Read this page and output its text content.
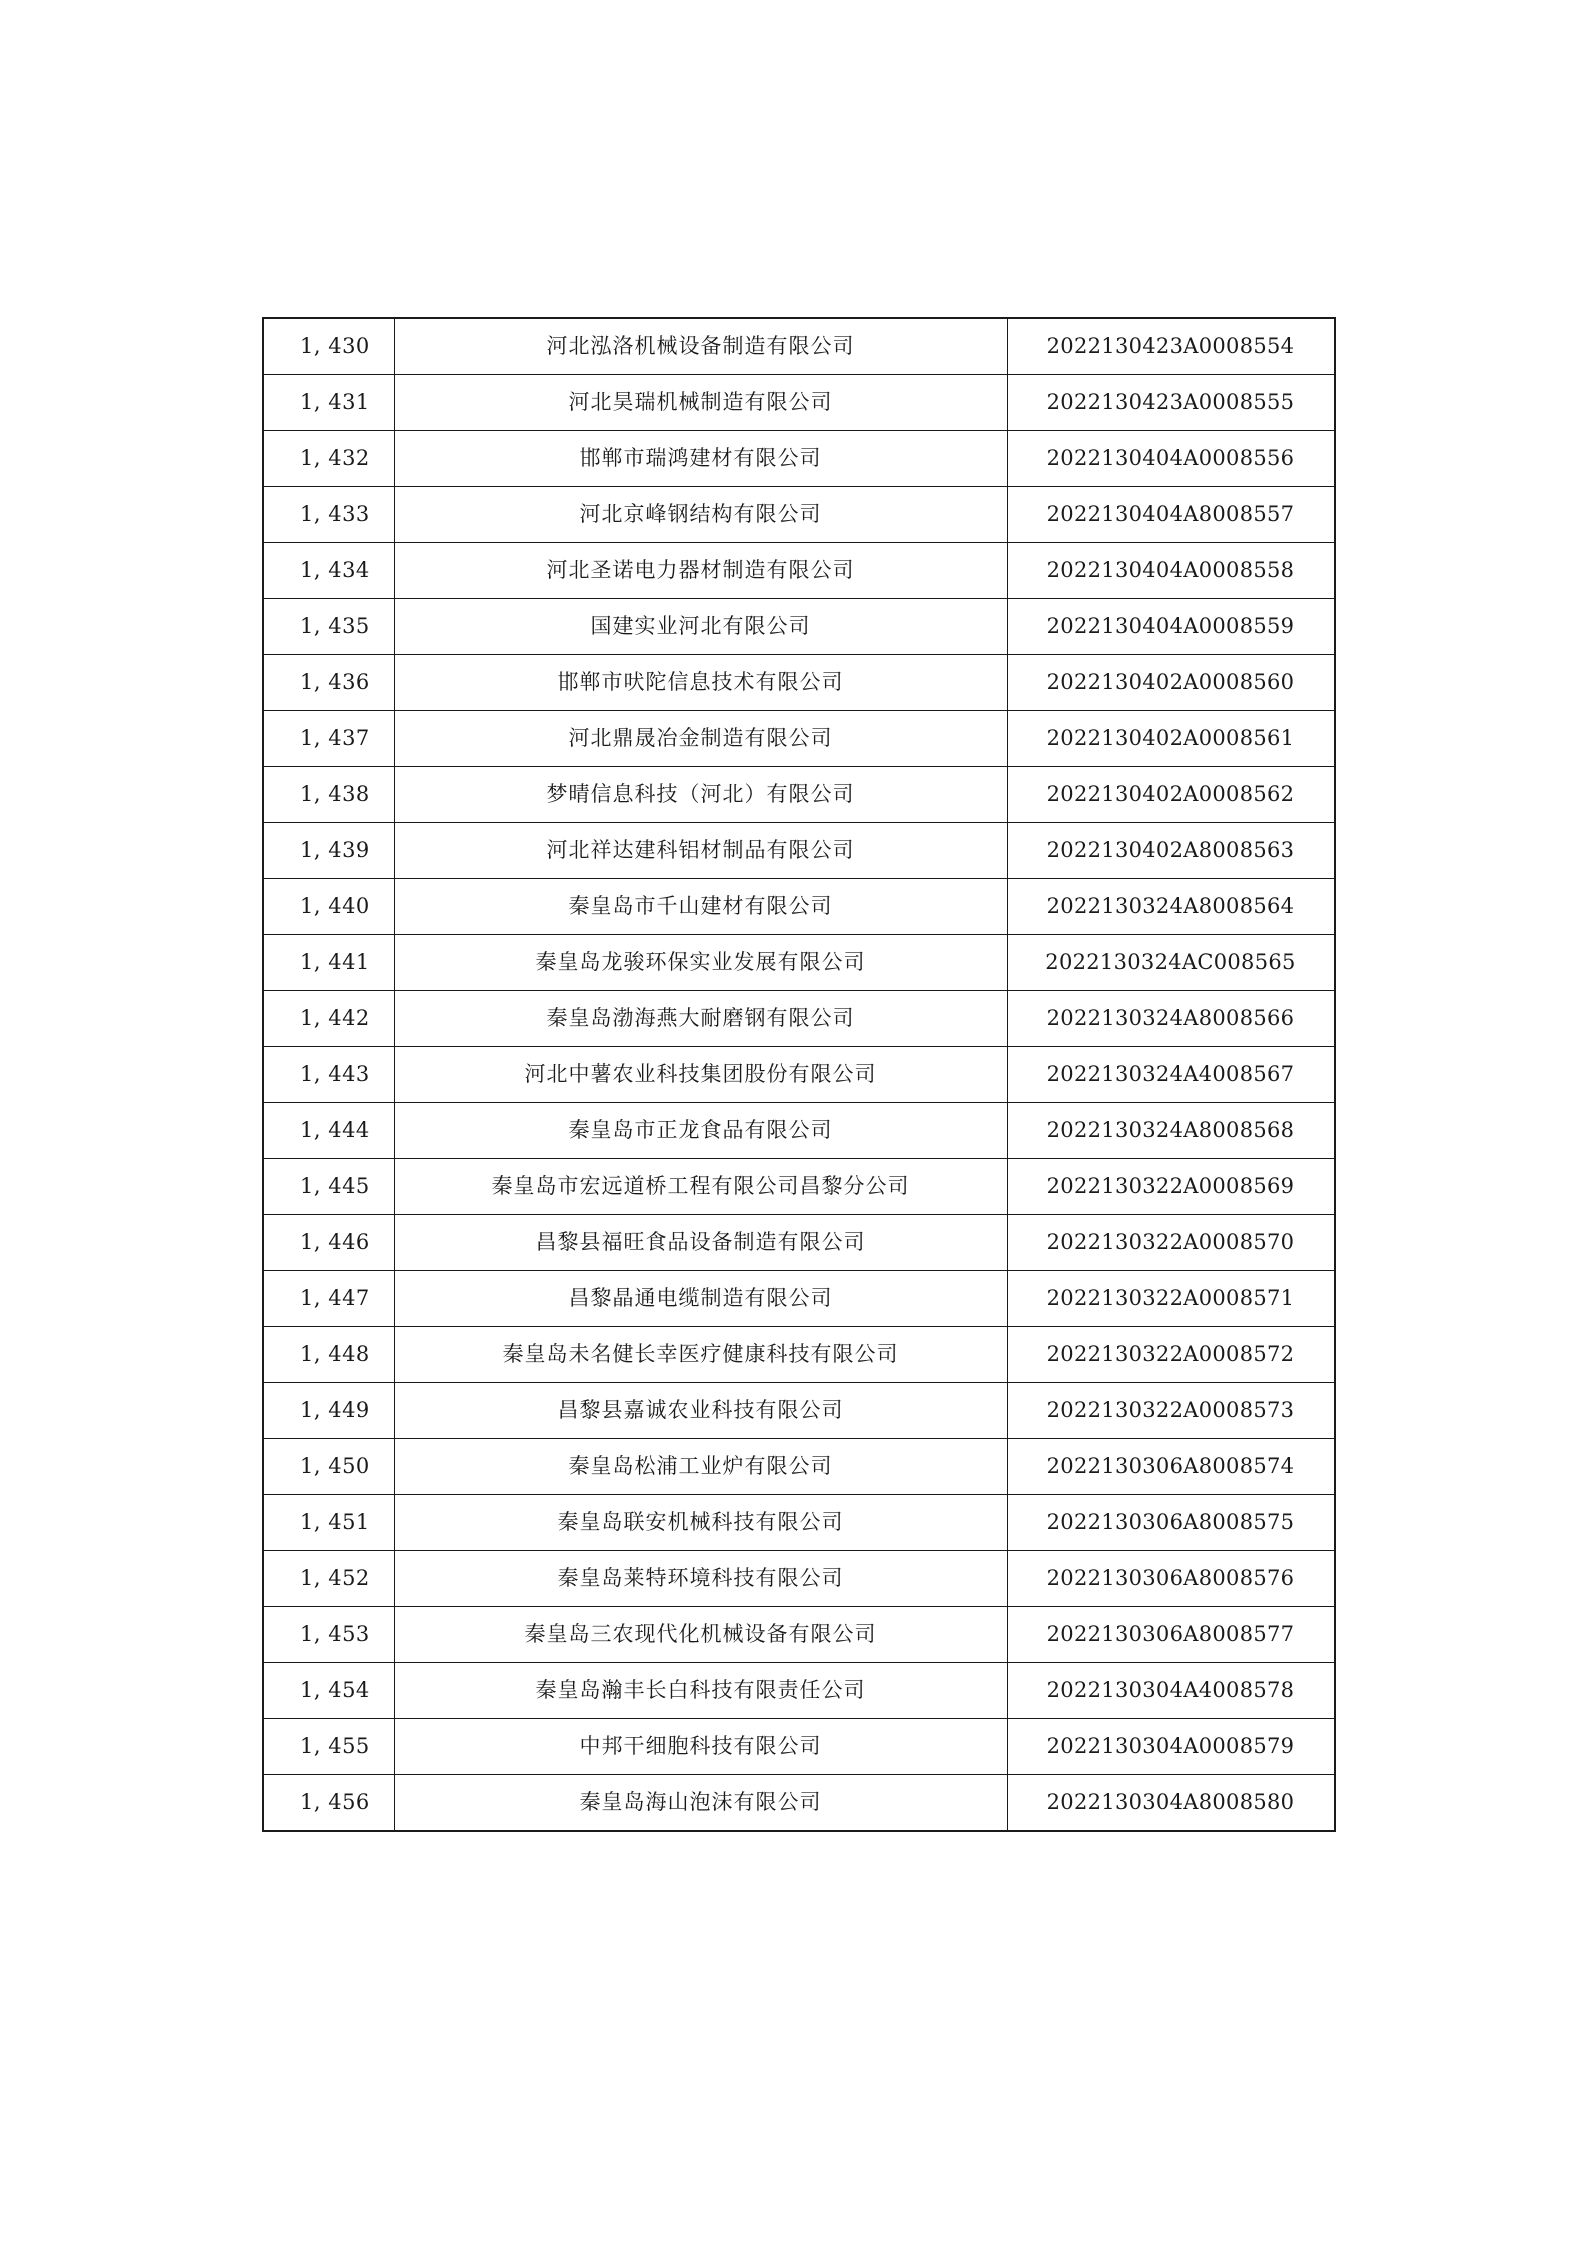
1, 430	河北泓洛机械设备制造有限公司	2022130423A0008554
1, 431	河北昊瑞机械制造有限公司	2022130423A0008555
1, 432	邯郸市瑞鸿建材有限公司	2022130404A0008556
1, 433	河北京峰钢结构有限公司	2022130404A8008557
1, 434	河北圣诺电力器材制造有限公司	2022130404A0008558
1, 435	国建实业河北有限公司	2022130404A0008559
1, 436	邯郸市吠陀信息技术有限公司	2022130402A0008560
1, 437	河北鼎晟冶金制造有限公司	2022130402A0008561
1, 438	梦晴信息科技（河北）有限公司	2022130402A0008562
1, 439	河北祥达建科铝材制品有限公司	2022130402A8008563
1, 440	秦皇岛市千山建材有限公司	2022130324A8008564
1, 441	秦皇岛龙骏环保实业发展有限公司	2022130324AC008565
1, 442	秦皇岛渤海燕大耐磨钢有限公司	2022130324A8008566
1, 443	河北中薯农业科技集团股份有限公司	2022130324A4008567
1, 444	秦皇岛市正龙食品有限公司	2022130324A8008568
1, 445	秦皇岛市宏远道桥工程有限公司昌黎分公司	2022130322A0008569
1, 446	昌黎县福旺食品设备制造有限公司	2022130322A0008570
1, 447	昌黎晶通电缆制造有限公司	2022130322A0008571
1, 448	秦皇岛未名健长幸医疗健康科技有限公司	2022130322A0008572
1, 449	昌黎县嘉诚农业科技有限公司	2022130322A0008573
1, 450	秦皇岛松浦工业炉有限公司	2022130306A8008574
1, 451	秦皇岛联安机械科技有限公司	2022130306A8008575
1, 452	秦皇岛莱特环境科技有限公司	2022130306A8008576
1, 453	秦皇岛三农现代化机械设备有限公司	2022130306A8008577
1, 454	秦皇岛瀚丰长白科技有限责任公司	2022130304A4008578
1, 455	中邦干细胞科技有限公司	2022130304A0008579
1, 456	秦皇岛海山泡沫有限公司	2022130304A8008580
